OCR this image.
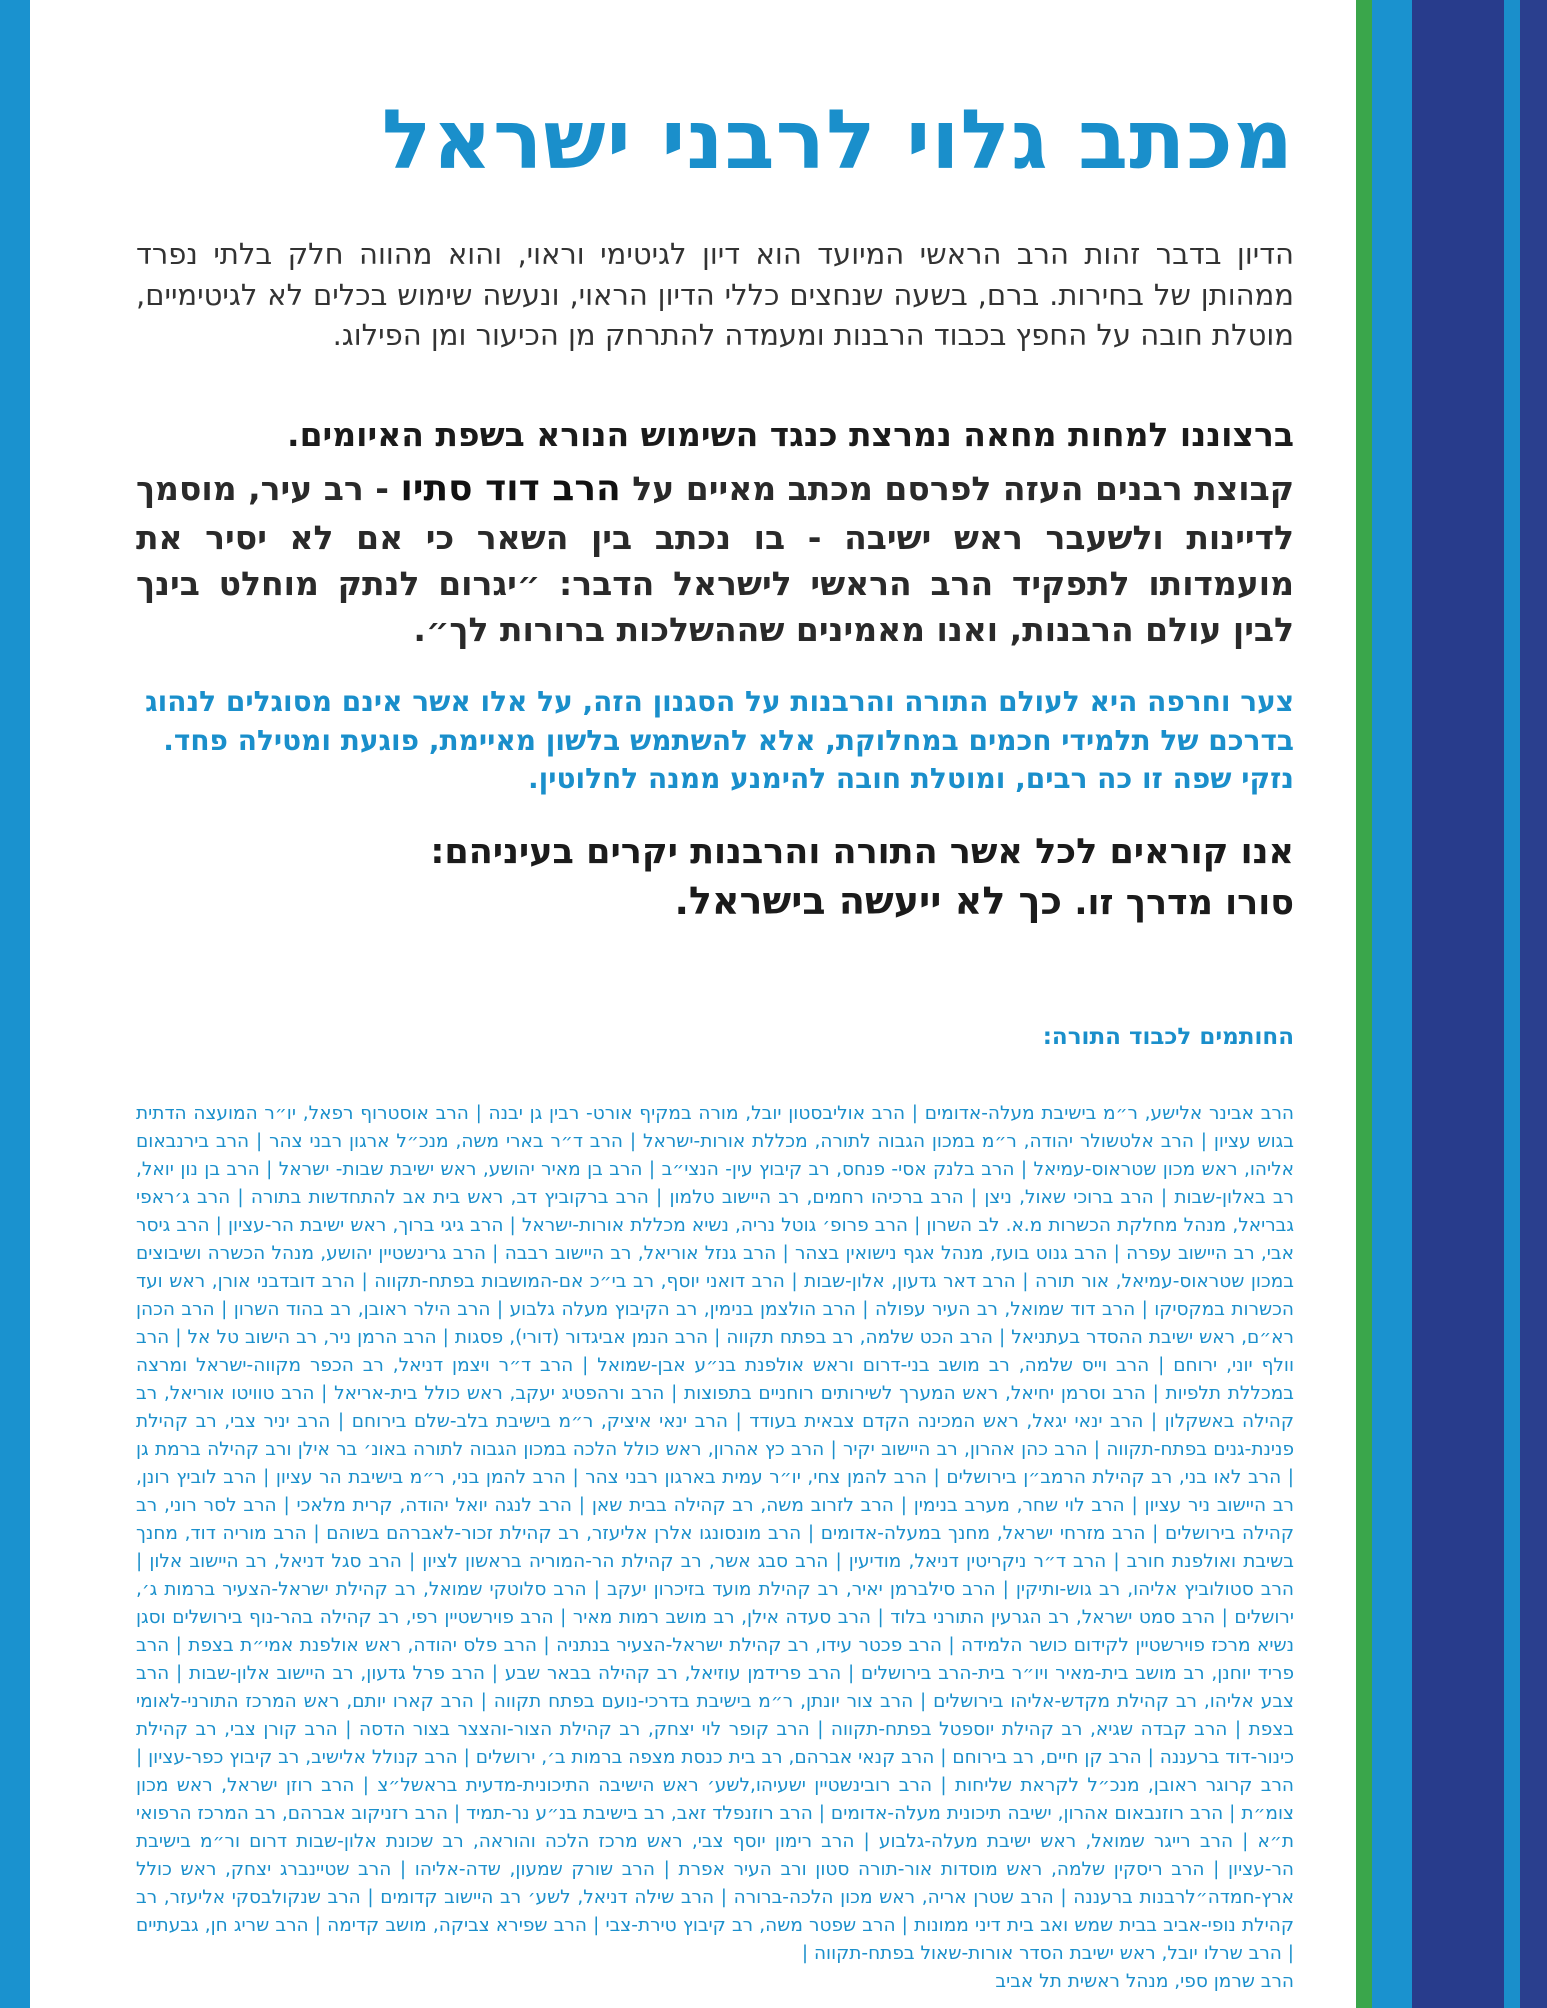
מכתב גלוי לרבני ישראל
הדיון בדבר זהות הרב הראשי המיועד הוא דיון לגיטימי וראוי, והוא מהווה חלק בלתי נפרד ממהותן של בחירות. ברם, בשעה שנחצים כללי הדיון הראוי, ונעשה שימוש בכלים לא לגיטימיים, מוטלת חובה על החפץ בכבוד הרבנות ומעמדה להתרחק מן הכיעור ומן הפילוג.
ברצוננו למחות מחאה נמרצת כנגד השימוש הנורא בשפת האיומים.
קבוצת רבנים העזה לפרסם מכתב מאיים על הרב דוד סתיו - רב עיר, מוסמך לדיינות ולשעבר ראש ישיבה - בו נכתב בין השאר כי אם לא יסיר את מועמדותו לתפקיד הרב הראשי לישראל הדבר: ״יגרום לנתק מוחלט בינך לבין עולם הרבנות, ואנו מאמינים שההשלכות ברורות לך״.
צער וחרפה היא לעולם התורה והרבנות על הסגנון הזה, על אלו אשר אינם מסוגלים לנהוג בדרכם של תלמידי חכמים במחלוקת, אלא להשתמש בלשון מאיימת, פוגעת ומטילה פחד. נזקי שפה זו כה רבים, ומוטלת חובה להימנע ממנה לחלוטין.
אנו קוראים לכל אשר התורה והרבנות יקרים בעיניהם:
סורו מדרך זו. כך לא ייעשה בישראל.
החותמים לכבוד התורה:
הרב אבינר אלישע, ר״מ בישיבת מעלה-אדומים | הרב אוליבסטון יובל, מורה במקיף אורט- רבין גן יבנה | הרב אוסטרוף רפאל, יו״ר המועצה הדתית בגוש עציון | הרב אלטשולר יהודה, ר״מ במכון הגבוה לתורה, מכללת אורות-ישראל | הרב ד״ר בארי משה, מנכ״ל ארגון רבני צהר | הרב בירנבאום אליהו, ראש מכון שטראוס-עמיאל | הרב בלנק אסי- פנחס, רב קיבוץ עין- הנצי״ב | הרב בן מאיר יהושע, ראש ישיבת שבות- ישראל | הרב בן נון יואל, רב באלון-שבות | הרב ברוכי שאול, ניצן | הרב ברכיהו רחמים, רב היישוב טלמון | הרב ברקוביץ דב, ראש בית אב להתחדשות בתורה | הרב ג׳ראפי גבריאל, מנהל מחלקת הכשרות מ.א. לב השרון | הרב פרופ׳ גוטל נריה, נשיא מכללת אורות-ישראל | הרב גיגי ברוך, ראש ישיבת הר-עציון | הרב גיסר אבי, רב היישוב עפרה | הרב גנוט בועז, מנהל אגף נישואין בצהר | הרב גנזל אוריאל, רב היישוב רבבה | הרב גרינשטיין יהושע, מנהל הכשרה ושיבוצים במכון שטראוס-עמיאל, אור תורה | הרב דאר גדעון, אלון-שבות | הרב דואני יוסף, רב בי״כ אם-המושבות בפתח-תקווה | הרב דובדבני אורן, ראש ועד הכשרות במקסיקו | הרב דוד שמואל, רב העיר עפולה | הרב הולצמן בנימין, רב הקיבוץ מעלה גלבוע | הרב הילר ראובן, רב בהוד השרון | הרב הכהן רא״ם, ראש ישיבת ההסדר בעתניאל | הרב הכט שלמה, רב בפתח תקווה | הרב הנמן אביגדור (דורי), פסגות | הרב הרמן ניר, רב הישוב טל אל | הרב וולף יוני, ירוחם | הרב וייס שלמה, רב מושב בני-דרום וראש אולפנת בנ״ע אבן-שמואל | הרב ד״ר ויצמן דניאל, רב הכפר מקווה-ישראל ומרצה במכללת תלפיות | הרב וסרמן יחיאל, ראש המערך לשירותים רוחניים בתפוצות | הרב ורהפטיג יעקב, ראש כולל בית-אריאל | הרב טוויטו אוריאל, רב קהילה באשקלון | הרב ינאי יגאל, ראש המכינה הקדם צבאית בעודד | הרב ינאי איציק, ר״מ בישיבת בלב-שלם בירוחם | הרב יניר צבי, רב קהילת פנינת-גנים בפתח-תקווה | הרב כהן אהרון, רב היישוב יקיר | הרב כץ אהרון, ראש כולל הלכה במכון הגבוה לתורה באונ׳ בר אילן ורב קהילה ברמת גן | הרב לאו בני, רב קהילת הרמב״ן בירושלים | הרב להמן צחי, יו״ר עמית בארגון רבני צהר | הרב להמן בני, ר״מ בישיבת הר עציון | הרב לוביץ רונן, רב היישוב ניר עציון | הרב לוי שחר, מערב בנימין | הרב לזרוב משה, רב קהילה בבית שאן | הרב לנגה יואל יהודה, קרית מלאכי | הרב לסר רוני, רב קהילה בירושלים | הרב מזרחי ישראל, מחנך במעלה-אדומים | הרב מונסונגו אלרן אליעזר, רב קהילת זכור-לאברהם בשוהם | הרב מוריה דוד, מחנך בשיבת ואולפנת חורב | הרב ד״ר ניקריטין דניאל, מודיעין | הרב סבג אשר, רב קהילת הר-המוריה בראשון לציון | הרב סגל דניאל, רב היישוב אלון | הרב סטולוביץ אליהו, רב גוש-ותיקין | הרב סילברמן יאיר, רב קהילת מועד בזיכרון יעקב | הרב סלוטקי שמואל, רב קהילת ישראל-הצעיר ברמות ג׳, ירושלים | הרב סמט ישראל, רב הגרעין התורני בלוד | הרב סעדה אילן, רב מושב רמות מאיר | הרב פוירשטיין רפי, רב קהילה בהר-נוף בירושלים וסגן נשיא מרכז פוירשטיין לקידום כושר הלמידה | הרב פכטר עידו, רב קהילת ישראל-הצעיר בנתניה | הרב פלס יהודה, ראש אולפנת אמי״ת בצפת | הרב פריד יוחנן, רב מושב בית-מאיר ויו״ר בית-הרב בירושלים | הרב פרידמן עוזיאל, רב קהילה בבאר שבע | הרב פרל גדעון, רב היישוב אלון-שבות | הרב צבע אליהו, רב קהילת מקדש-אליהו בירושלים | הרב צור יונתן, ר״מ בישיבת בדרכי-נועם בפתח תקווה | הרב קארו יותם, ראש המרכז התורני-לאומי בצפת | הרב קבדה שגיא, רב קהילת יוספטל בפתח-תקווה | הרב קופר לוי יצחק, רב קהילת הצור-והצצר בצור הדסה | הרב קורן צבי, רב קהילת כינור-דוד ברעננה | הרב קן חיים, רב בירוחם | הרב קנאי אברהם, רב בית כנסת מצפה ברמות ב׳, ירושלים | הרב קנולל אלישיב, רב קיבוץ כפר-עציון | הרב קרוגר ראובן, מנכ״ל לקראת שליחות | הרב רובינשטיין ישעיהו,לשע׳ ראש הישיבה התיכונית-מדעית בראשל״צ | הרב רוזן ישראל, ראש מכון צומ״ת | הרב רוזנבאום אהרון, ישיבה תיכונית מעלה-אדומים | הרב רוזנפלד זאב, רב בישיבת בנ״ע נר-תמיד | הרב רזניקוב אברהם, רב המרכז הרפואי ת״א | הרב רייגר שמואל, ראש ישיבת מעלה-גלבוע | הרב רימון יוסף צבי, ראש מרכז הלכה והוראה, רב שכונת אלון-שבות דרום ור״מ בישיבת הר-עציון | הרב ריסקין שלמה, ראש מוסדות אור-תורה סטון ורב העיר אפרת | הרב שורק שמעון, שדה-אליהו | הרב שטיינברג יצחק, ראש כולל ארץ-חמדה״לרבנות ברעננה | הרב שטרן אריה, ראש מכון הלכה-ברורה | הרב שילה דניאל, לשע׳ רב היישוב קדומים | הרב שנקולבסקי אליעזר, רב קהילת נופי-אביב בבית שמש ואב בית דיני ממונות | הרב שפטר משה, רב קיבוץ טירת-צבי | הרב שפירא צביקה, מושב קדימה | הרב שריג חן, גבעתיים | הרב שרלו יובל, ראש ישיבת הסדר אורות-שאול בפתח-תקווה |
הרב שרמן ספי, מנהל ראשית תל אביב
